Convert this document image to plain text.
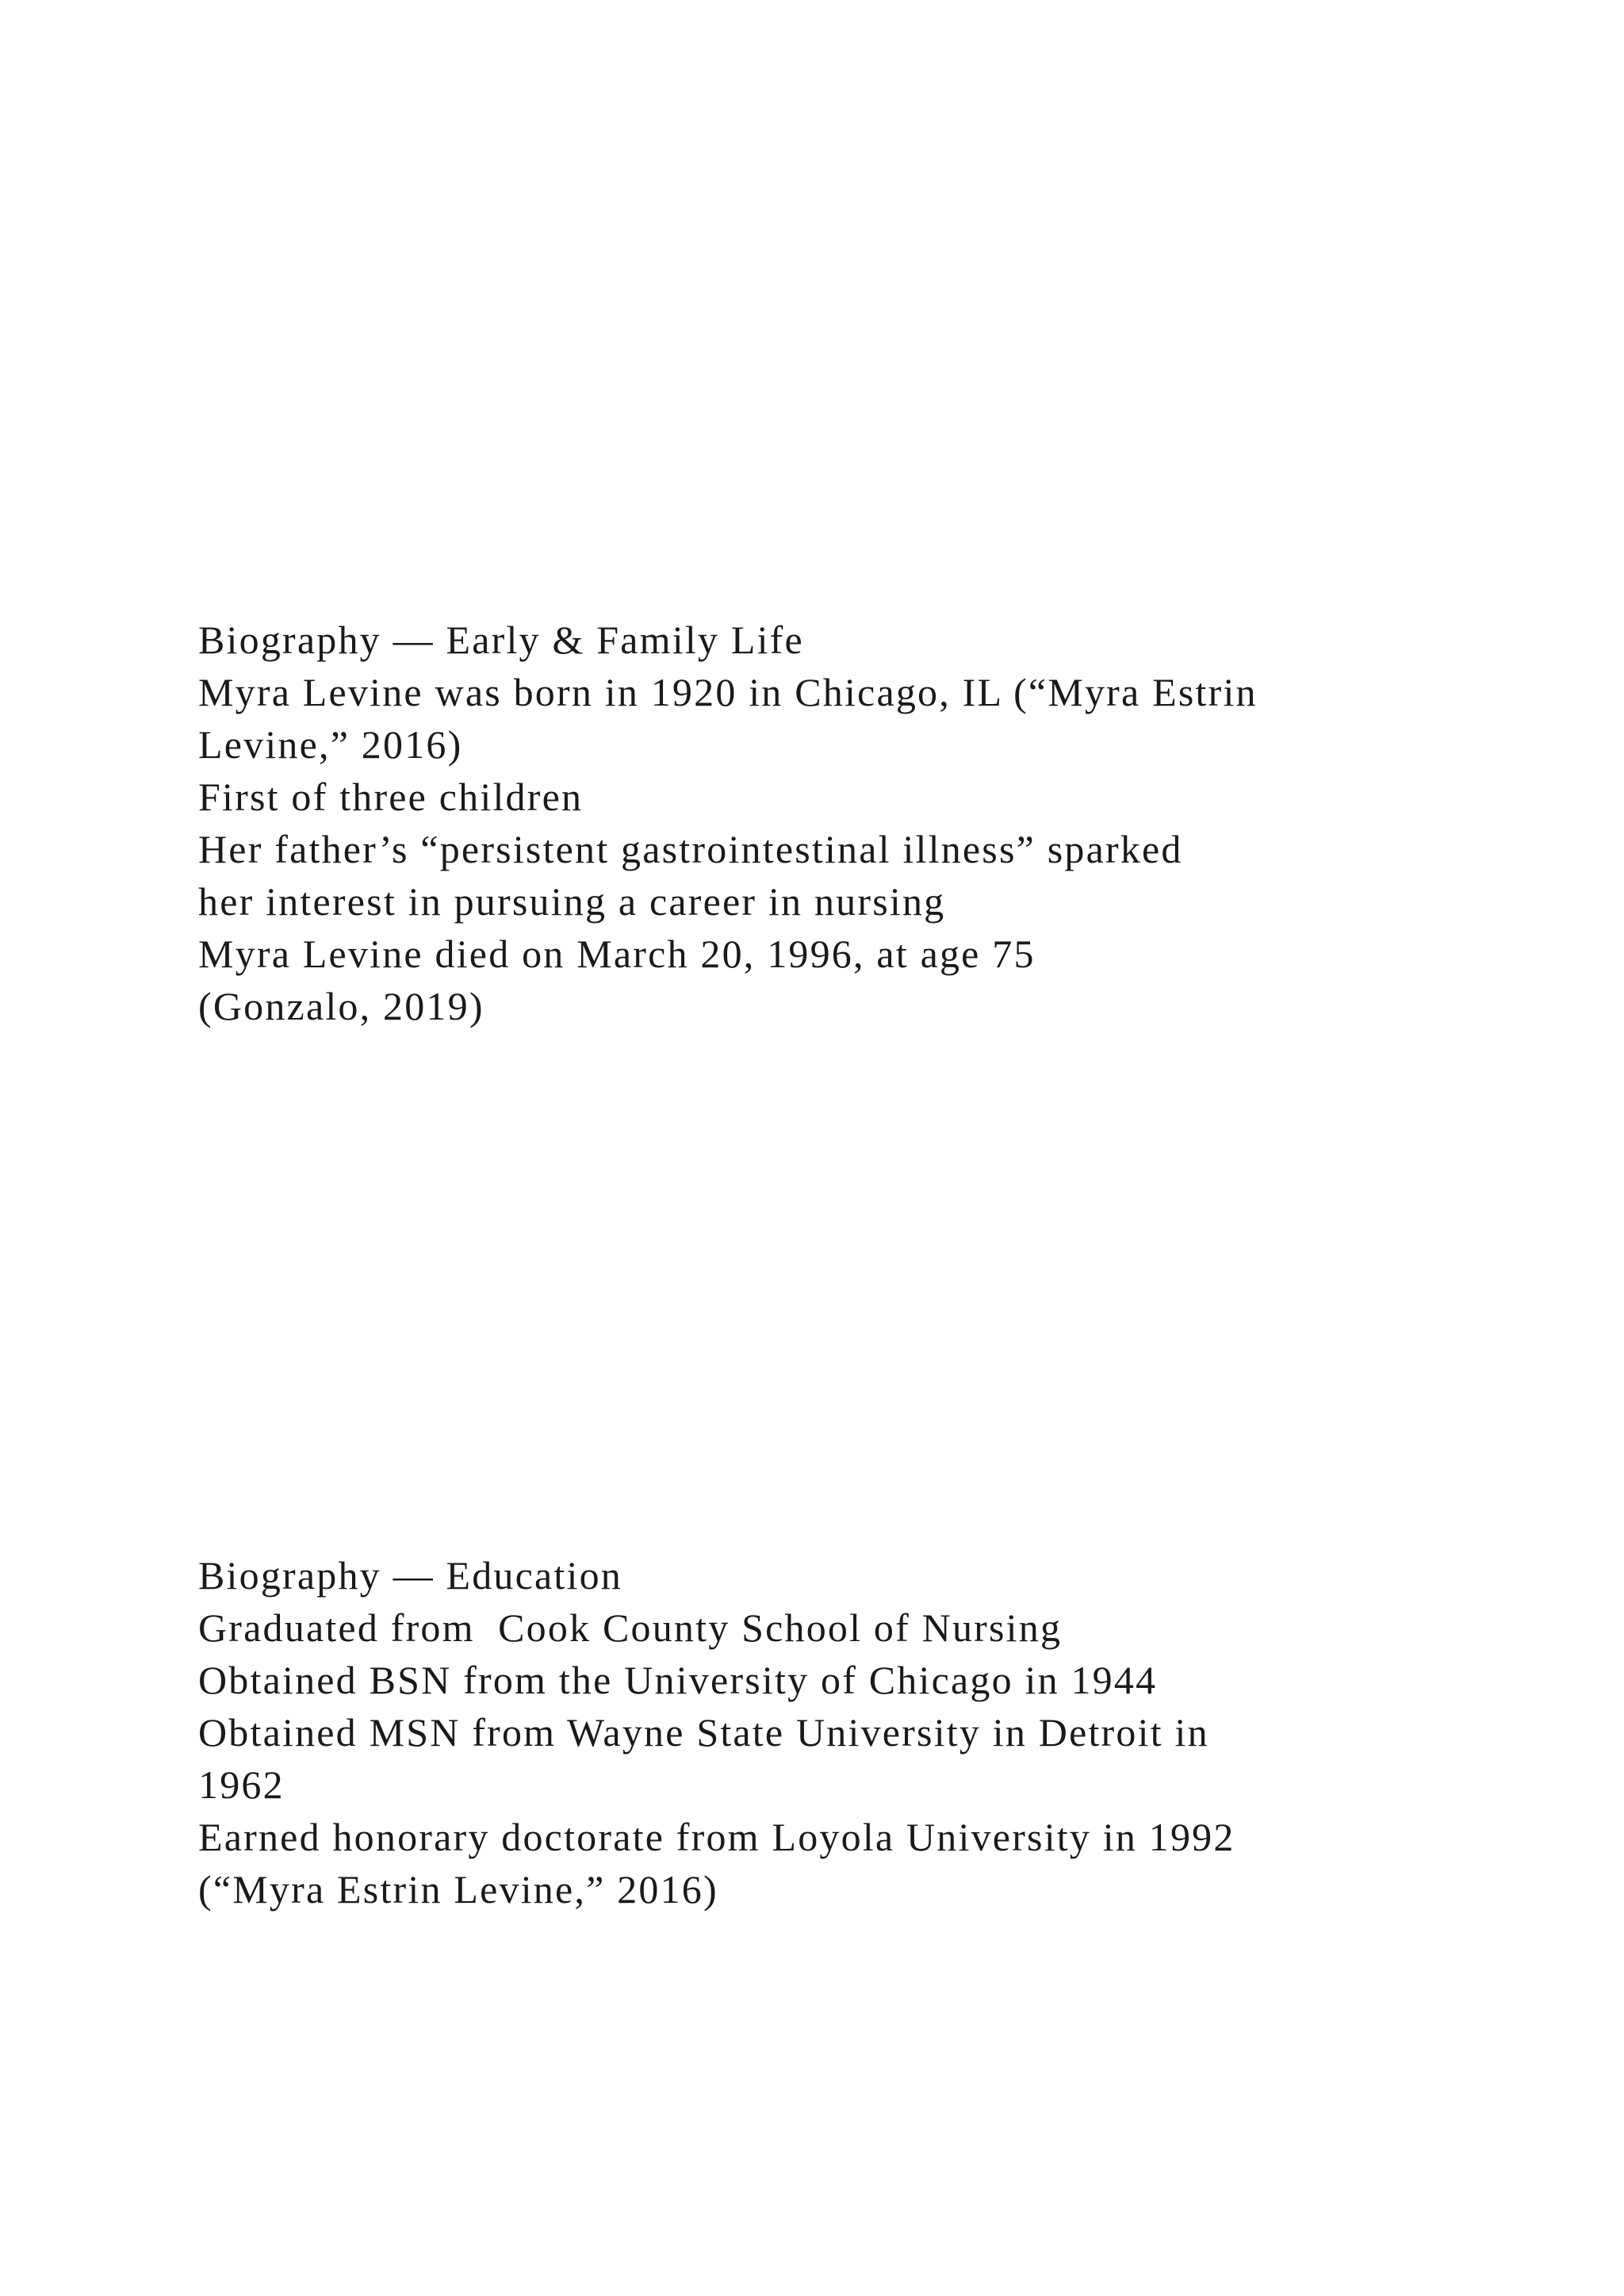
Biography — Early & Family Life
Myra Levine was born in 1920 in Chicago, IL (“Myra Estrin
Levine,” 2016)
First of three children
Her father’s “persistent gastrointestinal illness” sparked
her interest in pursuing a career in nursing
Myra Levine died on March 20, 1996, at age 75
(Gonzalo, 2019)
Biography — Education
Graduated from  Cook County School of Nursing
Obtained BSN from the University of Chicago in 1944
Obtained MSN from Wayne State University in Detroit in
1962
Earned honorary doctorate from Loyola University in 1992
(“Myra Estrin Levine,” 2016)
